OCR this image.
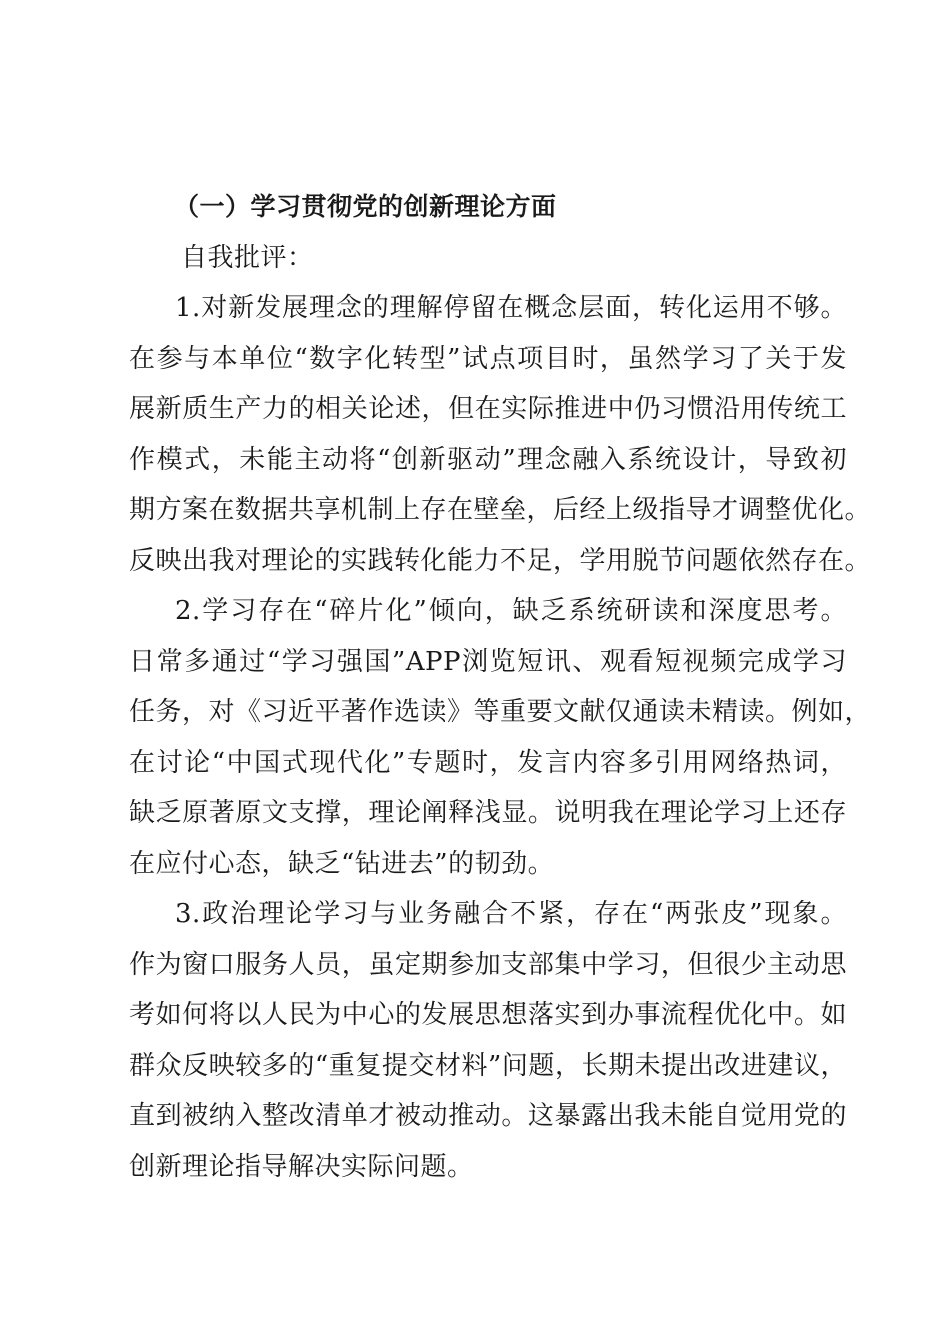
（一）学习贯彻党的创新理论方面
自我批评：
1.对新发展理念的理解停留在概念层面，转化运用不够。
在参与本单位“数字化转型”试点项目时，虽然学习了关于发
展新质生产力的相关论述，但在实际推进中仍习惯沿用传统工
作模式，未能主动将“创新驱动”理念融入系统设计，导致初
期方案在数据共享机制上存在壁垒，后经上级指导才调整优化。
反映出我对理论的实践转化能力不足，学用脱节问题依然存在。
2.学习存在“碎片化”倾向，缺乏系统研读和深度思考。
日常多通过“学习强国”APP浏览短讯、观看短视频完成学习
任务，对《习近平著作选读》等重要文献仅通读未精读。例如，
在讨论“中国式现代化”专题时，发言内容多引用网络热词，
缺乏原著原文支撑，理论阐释浅显。说明我在理论学习上还存
在应付心态，缺乏“钻进去”的韧劲。
3.政治理论学习与业务融合不紧，存在“两张皮”现象。
作为窗口服务人员，虽定期参加支部集中学习，但很少主动思
考如何将以人民为中心的发展思想落实到办事流程优化中。如
群众反映较多的“重复提交材料”问题，长期未提出改进建议，
直到被纳入整改清单才被动推动。这暴露出我未能自觉用党的
创新理论指导解决实际问题。
